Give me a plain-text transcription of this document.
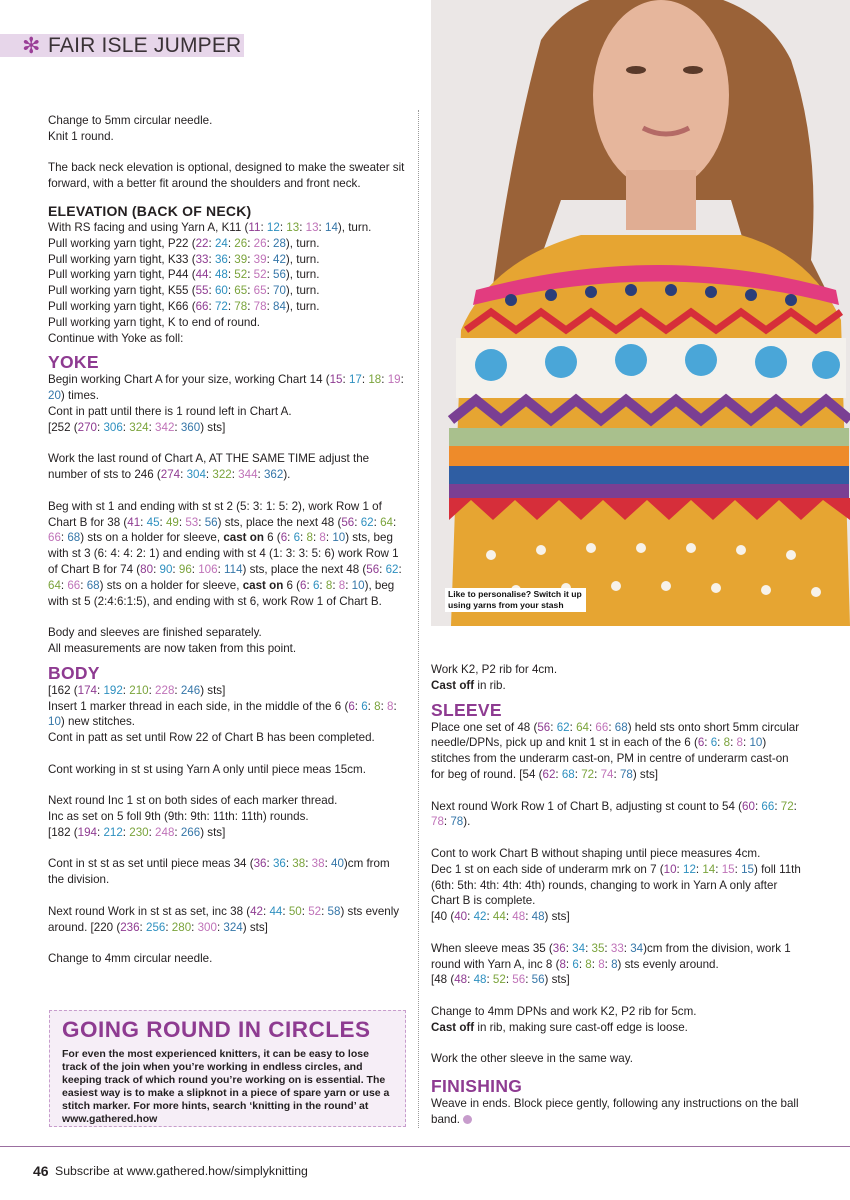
✻ FAIR ISLE JUMPER
Like to personalise? Switch it up using yarns from your stash

Change to 5mm circular needle.
Knit 1 round.

The back neck elevation is optional, designed to make the sweater sit forward, with a better fit around the shoulders and front neck.

ELEVATION (BACK OF NECK)
With RS facing and using Yarn A, K11 (11: 12: 13: 13: 14), turn.
Pull working yarn tight, P22 (22: 24: 26: 26: 28), turn.
Pull working yarn tight, K33 (33: 36: 39: 39: 42), turn.
Pull working yarn tight, P44 (44: 48: 52: 52: 56), turn.
Pull working yarn tight, K55 (55: 60: 65: 65: 70), turn.
Pull working yarn tight, K66 (66: 72: 78: 78: 84), turn.
Pull working yarn tight, K to end of round.
Continue with Yoke as foll:
YOKE
Begin working Chart A for your size, working Chart 14 (15: 17: 18: 19: 20) times.
Cont in patt until there is 1 round left in Chart A.

[252 (270: 306: 324: 342: 360) sts]

Work the last round of Chart A, AT THE SAME TIME adjust the number of sts to 246 (274: 304: 322: 344: 362).

Beg with st 1 and ending with st st 2 (5: 3: 1: 5: 2), work Row 1 of Chart B for 38 (41: 45: 49: 53: 56) sts, place the next 48 (56: 62: 64: 66: 68) sts on a holder for sleeve, cast on 6 (6: 6: 8: 8: 10) sts, beg with st 3 (6: 4: 4: 2: 1) and ending with st 4 (1: 3: 3: 5: 6) work Row 1 of Chart B for 74 (80: 90: 96: 106: 114) sts, place the next 48 (56: 62: 64: 66: 68) sts on a holder for sleeve, cast on 6 (6: 6: 8: 8: 10), beg with st 5 (2:4:6:1:5), and ending with st 6, work Row 1 of Chart B.

Body and sleeves are finished separately.
All measurements are now taken from this point.

BODY
[162 (174: 192: 210: 228: 246) sts]
Insert 1 marker thread in each side, in the middle of the 6 (6: 6: 8: 8: 10) new stitches.

Cont in patt as set until Row 22 of Chart B has been completed.

Cont working in st st using Yarn A only until piece meas 15cm.

Next round Inc 1 st on both sides of each marker thread.
Inc as set on 5 foll 9th (9th: 9th: 11th: 11th) rounds.
[182 (194: 212: 230: 248: 266) sts]

Cont in st st as set until piece meas 34 (36: 36: 38: 38: 40)cm from the division.

Next round Work in st st as set, inc 38 (42: 44: 50: 52: 58) sts evenly around. [220 (236: 256: 280: 300: 324) sts]

Change to 4mm circular needle.

GOING ROUND IN CIRCLES
For even the most experienced knitters, it can be easy to lose track of the join when you’re working in endless circles, and keeping track of which round you’re working on is essential. The easiest way is to make a slipknot in a piece of spare yarn or use a stitch marker. For more hints, search ‘knitting in the round’ at www.gathered.how

Work K2, P2 rib for 4cm.
Cast off in rib.

SLEEVE

Place one set of 48 (56: 62: 64: 66: 68) held sts onto short 5mm circular needle/DPNs, pick up and knit 1 st in each of the 6 (6: 6: 8: 8: 10) stitches from the underarm cast-on, PM in centre of underarm cast-on for beg of round. [54 (62: 68: 72: 74: 78) sts]

Next round Work Row 1 of Chart B, adjusting st count to 54 (60: 66: 72: 78: 78).

Cont to work Chart B without shaping until piece measures 4cm.
Dec 1 st on each side of underarm mrk on 7 (10: 12: 14: 15: 15) foll 11th (6th: 5th: 4th: 4th: 4th) rounds, changing to work in Yarn A only after Chart B is complete.
[40 (40: 42: 44: 48: 48) sts]

When sleeve meas 35 (36: 34: 35: 33: 34)cm from the division, work 1 round with Yarn A, inc 8 (8: 6: 8: 8: 8) sts evenly around.
[48 (48: 48: 52: 56: 56) sts]

Change to 4mm DPNs and work K2, P2 rib for 5cm.
Cast off in rib, making sure cast-off edge is loose.

Work the other sleeve in the same way.

FINISHING
Weave in ends. Block piece gently, following any instructions on the ball band.
46 Subscribe at www.gathered.how/simplyknitting
